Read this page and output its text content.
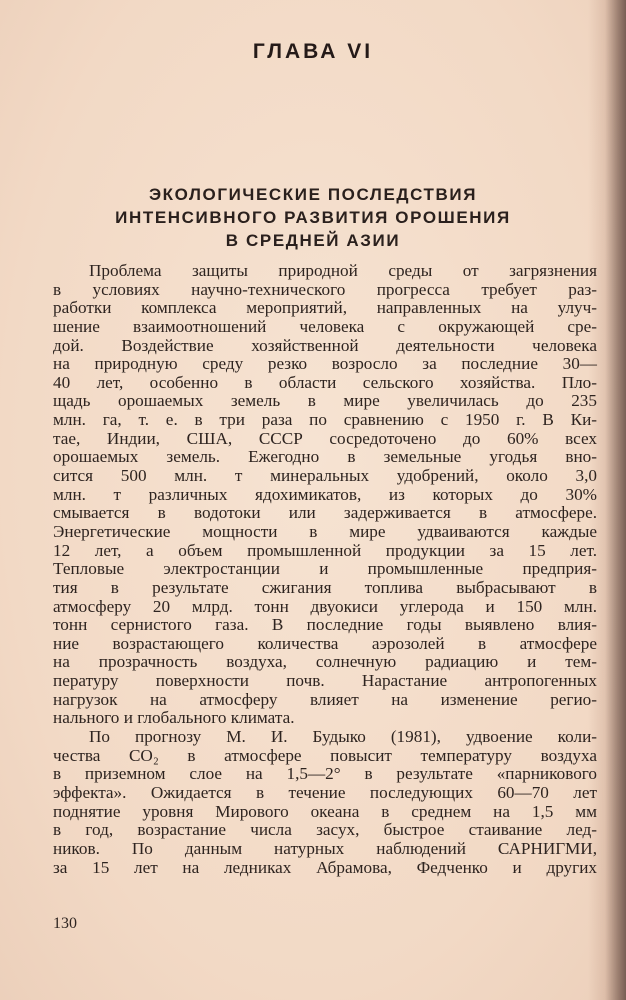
ГЛАВА VI
ЭКОЛОГИЧЕСКИЕ ПОСЛЕДСТВИЯ
ИНТЕНСИВНОГО РАЗВИТИЯ ОРОШЕНИЯ
В СРЕДНЕЙ АЗИИ
Проблема защиты природной среды от загрязнения
в условиях научно-технического прогресса требует раз-
работки комплекса мероприятий, направленных на улуч-
шение взаимоотношений человека с окружающей сре-
дой. Воздействие хозяйственной деятельности человека
на природную среду резко возросло за последние 30—
40 лет, особенно в области сельского хозяйства. Пло-
щадь орошаемых земель в мире увеличилась до 235
млн. га, т. е. в три раза по сравнению с 1950 г. В Ки-
тае, Индии, США, СССР сосредоточено до 60% всех
орошаемых земель. Ежегодно в земельные угодья вно-
сится 500 млн. т минеральных удобрений, около 3,0
млн. т различных ядохимикатов, из которых до 30%
смывается в водотоки или задерживается в атмосфере.
Энергетические мощности в мире удваиваются каждые
12 лет, а объем промышленной продукции за 15 лет.
Тепловые электростанции и промышленные предприя-
тия в результате сжигания топлива выбрасывают в
атмосферу 20 млрд. тонн двуокиси углерода и 150 млн.
тонн сернистого газа. В последние годы выявлено влия-
ние возрастающего количества аэрозолей в атмосфере
на прозрачность воздуха, солнечную радиацию и тем-
пературу поверхности почв. Нарастание антропогенных
нагрузок на атмосферу влияет на изменение регио-
нального и глобального климата.
По прогнозу М. И. Будыко (1981), удвоение коли-
чества CO₂ в атмосфере повысит температуру воздуха
в приземном слое на 1,5—2° в результате «парникового
эффекта». Ожидается в течение последующих 60—70 лет
поднятие уровня Мирового океана в среднем на 1,5 мм
в год, возрастание числа засух, быстрое стаивание лед-
ников. По данным натурных наблюдений САРНИГМИ,
за 15 лет на ледниках Абрамова, Федченко и других
130
